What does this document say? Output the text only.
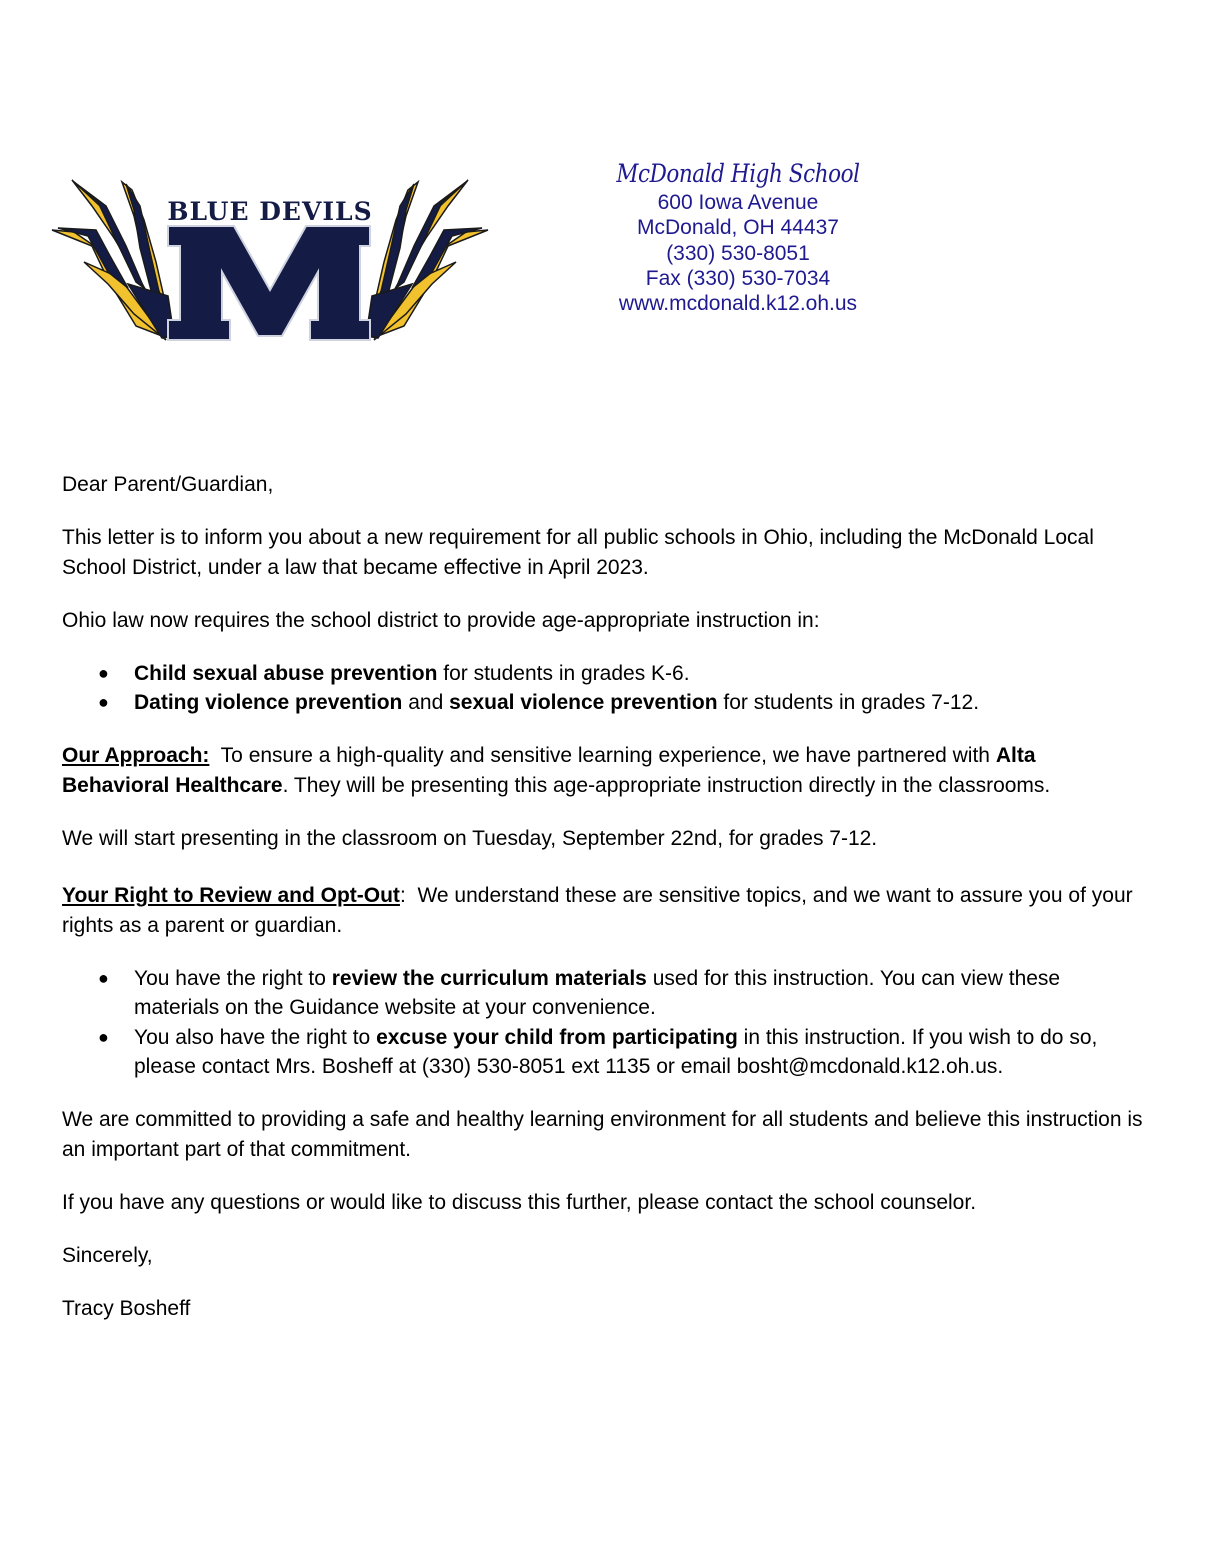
BLUE DEVILS
McDonald High School
600 Iowa Avenue
McDonald, OH 44437
(330) 530-8051
Fax (330) 530-7034
www.mcdonald.k12.oh.us

Dear Parent/Guardian,

This letter is to inform you about a new requirement for all public schools in Ohio, including the McDonald Local School District, under a law that became effective in April 2023.

Ohio law now requires the school district to provide age-appropriate instruction in:

● Child sexual abuse prevention for students in grades K-6.
● Dating violence prevention and sexual violence prevention for students in grades 7-12.

Our Approach:  To ensure a high-quality and sensitive learning experience, we have partnered with Alta Behavioral Healthcare. They will be presenting this age-appropriate instruction directly in the classrooms.

We will start presenting in the classroom on Tuesday, September 22nd, for grades 7-12.

Your Right to Review and Opt-Out:  We understand these are sensitive topics, and we want to assure you of your rights as a parent or guardian.

● You have the right to review the curriculum materials used for this instruction. You can view these materials on the Guidance website at your convenience.
● You also have the right to excuse your child from participating in this instruction. If you wish to do so, please contact Mrs. Bosheff at (330) 530-8051 ext 1135 or email bosht@mcdonald.k12.oh.us.

We are committed to providing a safe and healthy learning environment for all students and believe this instruction is an important part of that commitment.

If you have any questions or would like to discuss this further, please contact the school counselor.

Sincerely,

Tracy Bosheff
